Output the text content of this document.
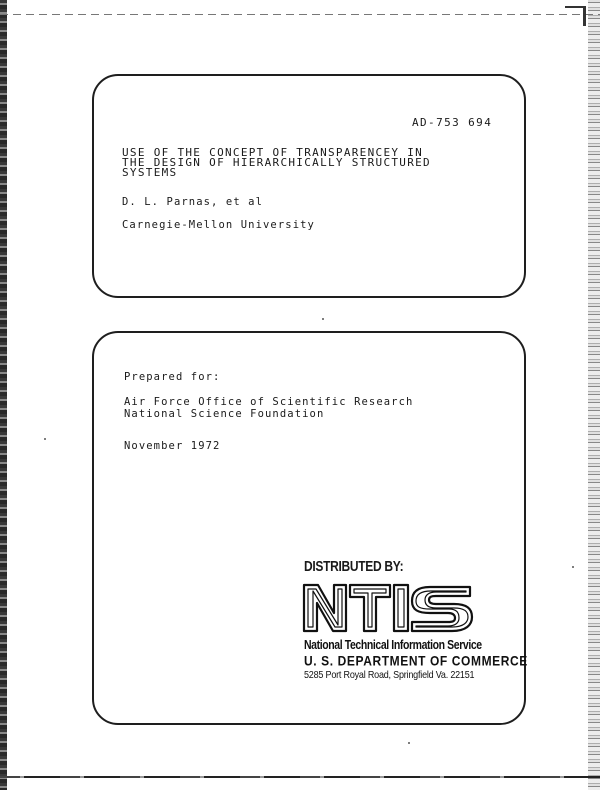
AD-753 694
USE OF THE CONCEPT OF TRANSPARENCEY IN
THE DESIGN OF HIERARCHICALLY STRUCTURED
SYSTEMS
D. L. Parnas, et al
Carnegie-Mellon University
Prepared for:
Air Force Office of Scientific Research
National Science Foundation
November 1972
DISTRIBUTED BY:
National Technical Information Service
U. S. DEPARTMENT OF COMMERCE
5285 Port Royal Road, Springfield Va. 22151
